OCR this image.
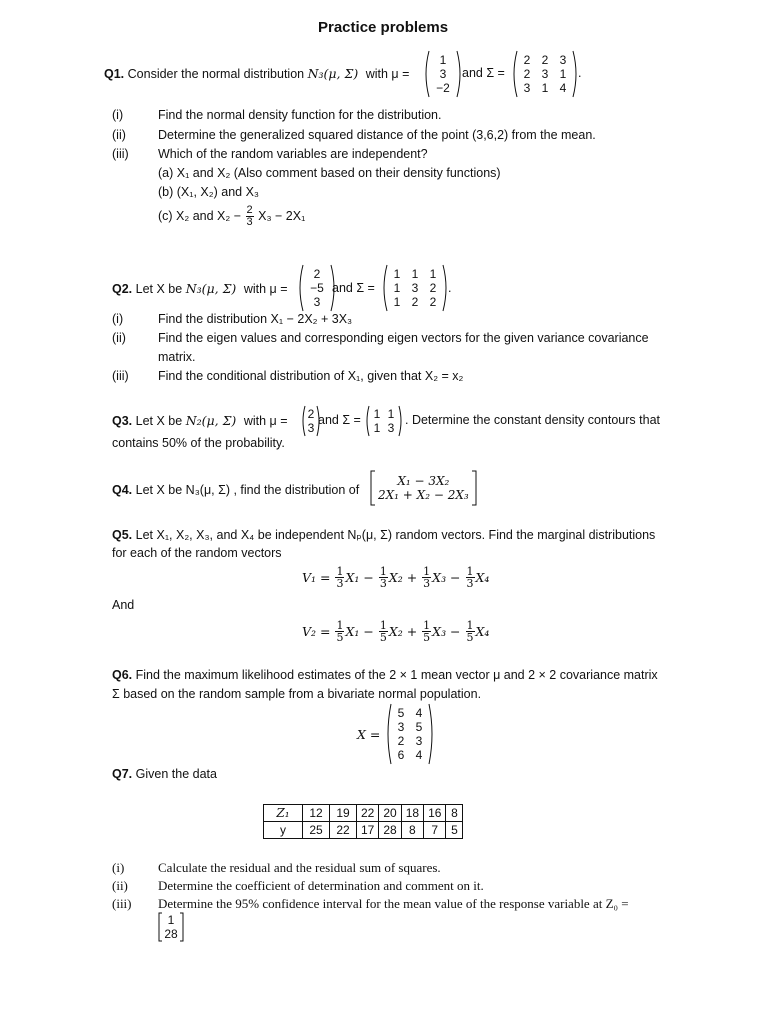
Practice problems
Q1. Consider the normal distribution N₃(μ, Σ) with μ =
1
3
−2
and Σ =
2 2 3
2 3 1
3 1 4
.
(i)	Find the normal density function for the distribution.
(ii)	Determine the generalized squared distance of the point (3,6,2) from the mean.
(iii) Which of the random variables are independent?
(a) X₁ and X₂ (Also comment based on their density functions)
(b) (X₁, X₂) and X₃
(c) X₂ and $X_2 - \frac{2}{3} X_3 - 2X_1$
Q2. Let X be N₃(μ, Σ) with μ =
2
−5
3
and Σ =
1 1 1
1 3 2
1 2 2
.
(i)	Find the distribution X₁ − 2X₂ + 3X₃
(ii)	Find the eigen values and corresponding eigen vectors for the given variance covariance
matrix.
(iii) Find the conditional distribution of X₁, given that X₂ = x₂
Q3. Let X be N₂(μ, Σ) with μ = 2
3
and Σ =	1 1
1 3
. Determine the constant density contours that
contains 50% of the probability.
Q4. Let X be N₃(μ, Σ) , find the distribution of
X₁ − 3X₂
2X₁ + X₂ − 2X₃
Q5. Let X₁, X₂, X₃, and X₄ be independent Nₚ(μ, Σ) random vectors. Find the marginal distributions
for each of the random vectors
$V_1 = \frac{1}{3} X_1 - \frac{1}{3} X_2 + \frac{1}{3} X_3 - \frac{1}{3} X_4$
And
$V_2 = \frac{1}{5} X_1 - \frac{1}{5} X_2 + \frac{1}{5} X_3 - \frac{1}{5} X_4$
Q6. Find the maximum likelihood estimates of the 2 × 1 mean vector μ and 2 × 2 covariance matrix
Σ based on the random sample from a bivariate normal population.
X =
5 4
3 5
2 3
6 4
Q7. Given the data
Z₁	12	19	22	20	18	16	8
y	25	22	17	28	8	7	5
(i)	Calculate the residual and the residual sum of squares.
(ii) Determine the coefficient of determination and comment on it.
(iii) Determine the 95% confidence interval for the mean value of the response variable at Z₀ =
1
28
